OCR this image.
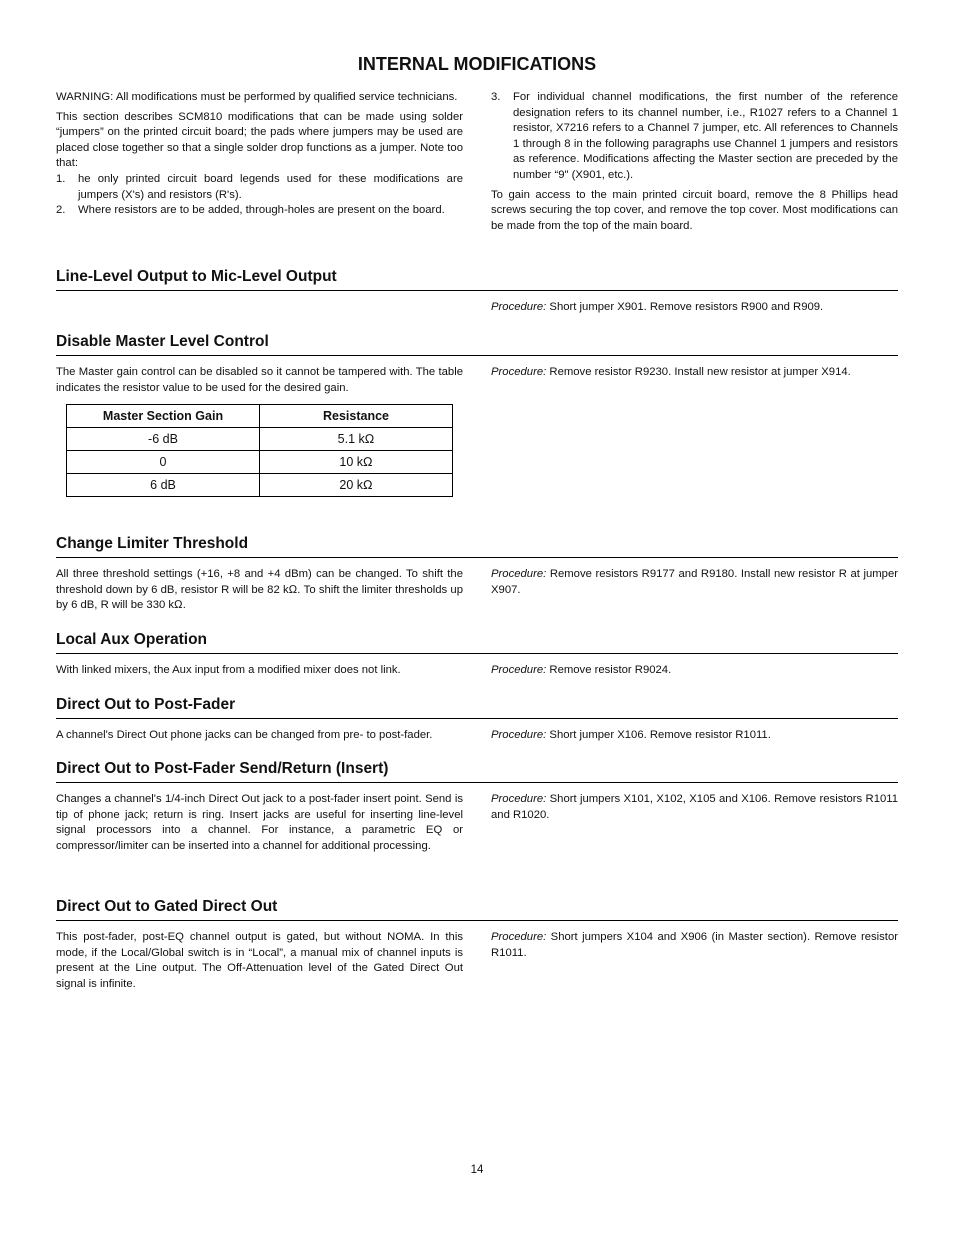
INTERNAL MODIFICATIONS

WARNING: All modifications must be performed by qualified service technicians.

This section describes SCM810 modifications that can be made using solder “jumpers” on the printed circuit board; the pads where jumpers may be used are placed close together so that a single solder drop functions as a jumper. Note too that:

1.	he only printed circuit board legends used for these modifications are jumpers (X's) and resistors (R's).
2.	Where resistors are to be added, through-holes are present on the board.
3.	For individual channel modifications, the first number of the reference designation refers to its channel number, i.e., R1027 refers to a Channel 1 resistor, X7216 refers to a Channel 7 jumper, etc. All references to Channels 1 through 8 in the following paragraphs use Channel 1 jumpers and resistors as reference. Modifications affecting the Master section are preceded by the number “9" (X901, etc.).

To gain access to the main printed circuit board, remove the 8 Phillips head screws securing the top cover, and remove the top cover. Most modifications can be made from the top of the main board.

Line-Level Output to Mic-Level Output

Procedure: Short jumper X901. Remove resistors R900 and R909.

Disable Master Level Control

The Master gain control can be disabled so it cannot be tampered with. The table indicates the resistor value to be used for the desired gain.

Master Section Gain	Resistance
-6 dB	5.1 kΩ
0	10 kΩ
6 dB	20 kΩ

Procedure: Remove resistor R9230. Install new resistor at jumper X914.

Change Limiter Threshold

All three threshold settings (+16, +8 and +4 dBm) can be changed. To shift the threshold down by 6 dB, resistor R will be 82 kΩ. To shift the limiter thresholds up by 6 dB, R will be 330 kΩ.

Procedure: Remove resistors R9177 and R9180. Install new resistor R at jumper X907.

Local Aux Operation

With linked mixers, the Aux input from a modified mixer does not link.	Procedure: Remove resistor R9024.

Direct Out to Post-Fader

A channel's Direct Out phone jacks can be changed from pre- to post-fader.	Procedure: Short jumper X106. Remove resistor R1011.

Direct Out to Post-Fader Send/Return (Insert)

Changes a channel's 1/4-inch Direct Out jack to a post-fader insert point. Send is tip of phone jack; return is ring. Insert jacks are useful for inserting line-level signal processors into a channel. For instance, a parametric EQ or compressor/limiter can be inserted into a channel for additional processing.

Procedure: Short jumpers X101, X102, X105 and X106. Remove resistors R1011 and R1020.

Direct Out to Gated Direct Out

This post-fader, post-EQ channel output is gated, but without NOMA. In this mode, if the Local/Global switch is in “Local”, a manual mix of channel inputs is present at the Line output. The Off-Attenuation level of the Gated Direct Out signal is infinite.

Procedure: Short jumpers X104 and X906 (in Master section). Remove resistor R1011.

14
